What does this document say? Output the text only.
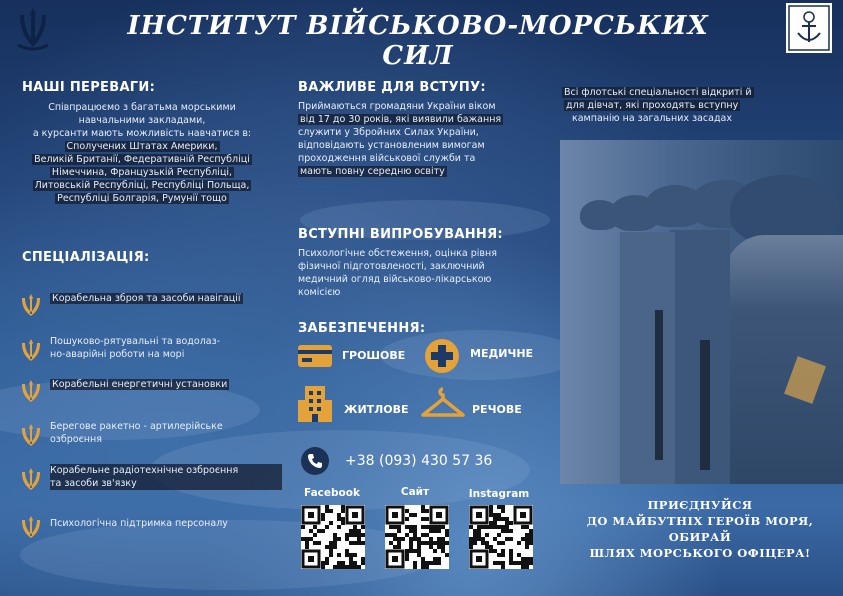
ІНСТИТУТ ВІЙСЬКОВО-МОРСЬКИХ СИЛ
НАШІ ПЕРЕВАГИ:
Співпрацюємо з багатьма морськими
навчальними закладами,
а курсанти мають можливість навчатися в:
Сполучених Штатах Америки,
Великій Британії, Федеративній Республіці
Німеччина, Французькій Республіці,
Литовській Республіці, Республіці Польща,
Республіці Болгарія, Румунії тощо
СПЕЦІАЛІЗАЦІЯ:
Корабельна зброя та засоби навігації
Пошуково-рятувальні та водолаз-
но-аварійні роботи на морі
Корабельні енергетичні установки
Берегове ракетно - артилерійське
озброєння
Корабельне радіотехнічне озброєння
та засоби зв'язку
Психологічна підтримка персоналу
ВАЖЛИВЕ ДЛЯ ВСТУПУ:
Приймаються громадяни України віком
від 17 до 30 років, які виявили бажання
служити у Збройних Силах України,
відповідають установленим вимогам
проходження військової служби та
мають повну середню освіту
ВСТУПНІ ВИПРОБУВАННЯ:
Психологічне обстеження, оцінка рівня
фізичної підготовленості, заключний
медичний огляд військово-лікарською
комісією
ЗАБЕЗПЕЧЕННЯ:
ГРОШОВЕ	МЕДИЧНЕ
ЖИТЛОВЕ	РЕЧОВЕ
+38 (093) 430 57 36
Facebook	Сайт	Instagram
Всі флотські спеціальності відкриті й
для дівчат, які проходять вступну
кампанію на загальних засадах
ПРИЄДНУЙСЯ
ДО МАЙБУТНІХ ГЕРОЇВ МОРЯ,
ОБИРАЙ
ШЛЯХ МОРСЬКОГО ОФІЦЕРА!
